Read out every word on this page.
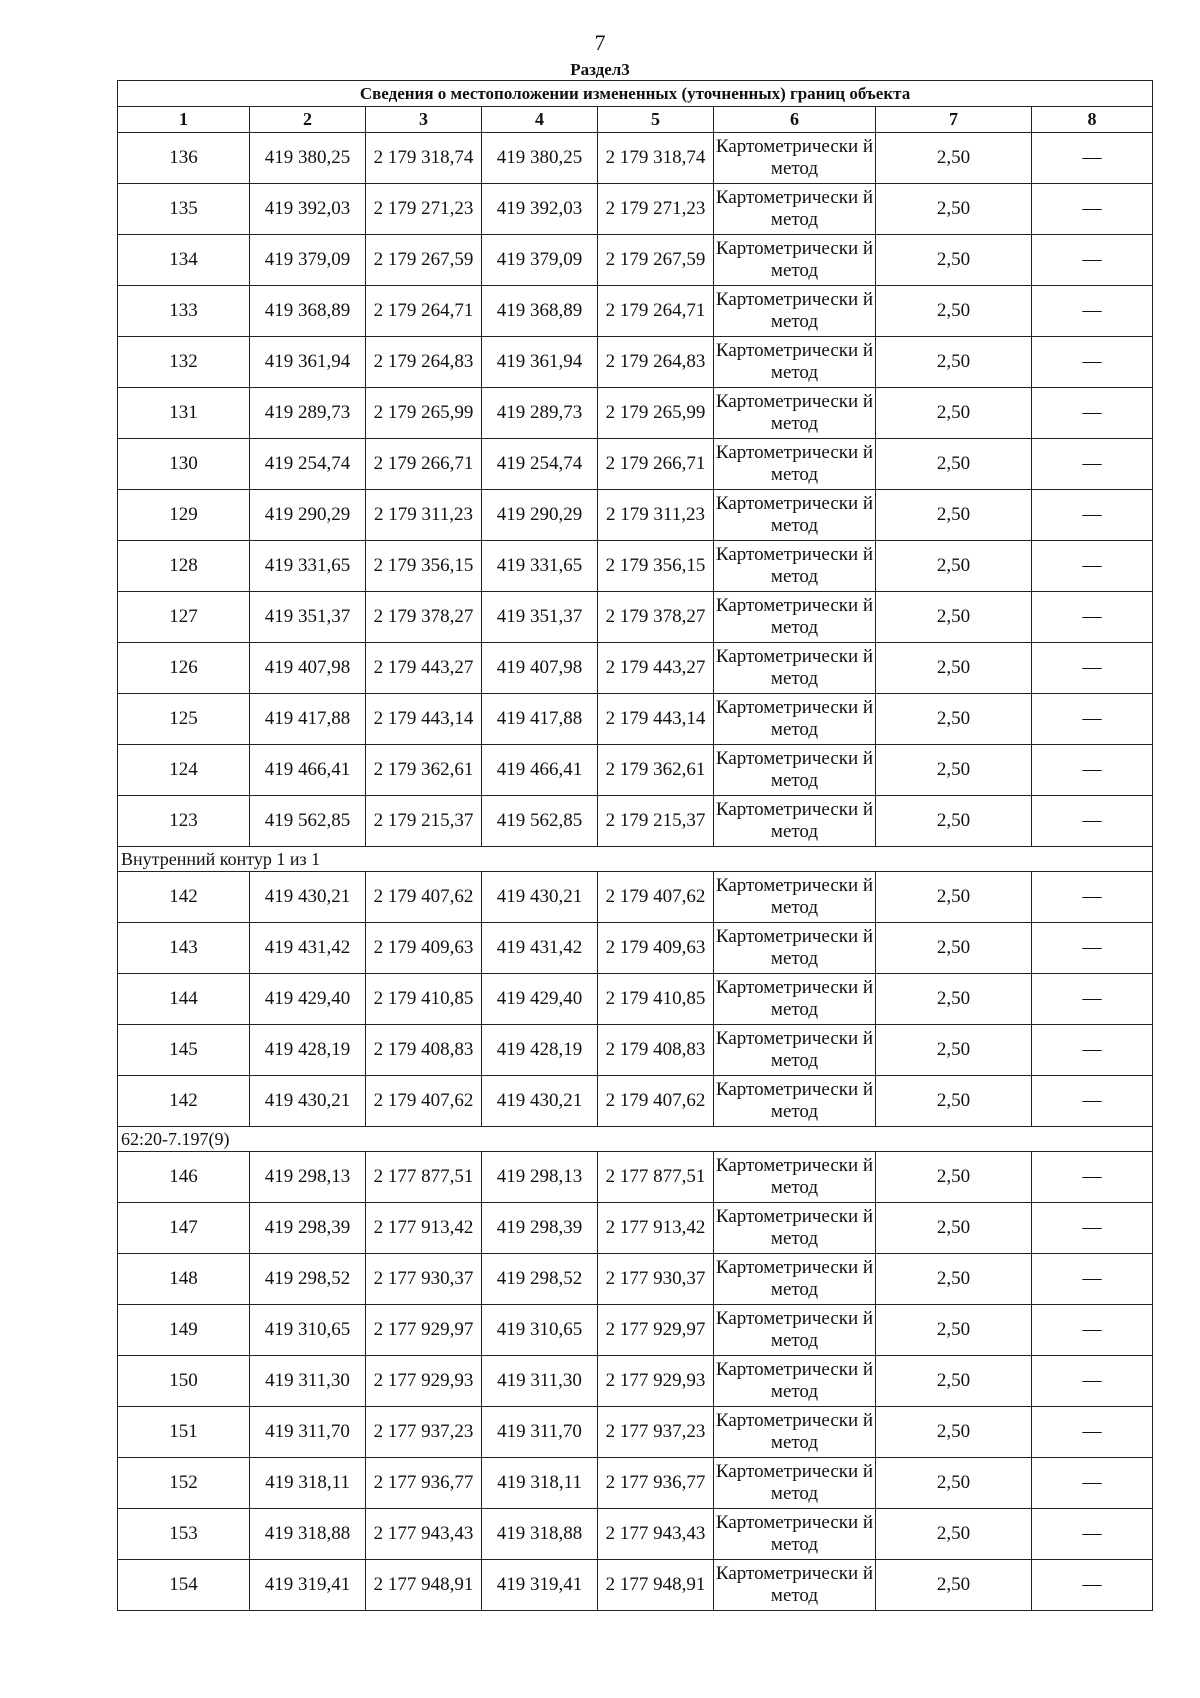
7
Раздел3
Сведения о местоположении измененных (уточненных) границ объекта							
1	2	3	4	5	6	7	8
136	419 380,25	2 179 318,74	419 380,25	2 179 318,74	Картометрически й метод	2,50	—
135	419 392,03	2 179 271,23	419 392,03	2 179 271,23	Картометрически й метод	2,50	—
134	419 379,09	2 179 267,59	419 379,09	2 179 267,59	Картометрически й метод	2,50	—
133	419 368,89	2 179 264,71	419 368,89	2 179 264,71	Картометрически й метод	2,50	—
132	419 361,94	2 179 264,83	419 361,94	2 179 264,83	Картометрически й метод	2,50	—
131	419 289,73	2 179 265,99	419 289,73	2 179 265,99	Картометрически й метод	2,50	—
130	419 254,74	2 179 266,71	419 254,74	2 179 266,71	Картометрически й метод	2,50	—
129	419 290,29	2 179 311,23	419 290,29	2 179 311,23	Картометрически й метод	2,50	—
128	419 331,65	2 179 356,15	419 331,65	2 179 356,15	Картометрически й метод	2,50	—
127	419 351,37	2 179 378,27	419 351,37	2 179 378,27	Картометрически й метод	2,50	—
126	419 407,98	2 179 443,27	419 407,98	2 179 443,27	Картометрически й метод	2,50	—
125	419 417,88	2 179 443,14	419 417,88	2 179 443,14	Картометрически й метод	2,50	—
124	419 466,41	2 179 362,61	419 466,41	2 179 362,61	Картометрически й метод	2,50	—
123	419 562,85	2 179 215,37	419 562,85	2 179 215,37	Картометрически й метод	2,50	—
Внутренний контур 1 из 1							
142	419 430,21	2 179 407,62	419 430,21	2 179 407,62	Картометрически й метод	2,50	—
143	419 431,42	2 179 409,63	419 431,42	2 179 409,63	Картометрически й метод	2,50	—
144	419 429,40	2 179 410,85	419 429,40	2 179 410,85	Картометрически й метод	2,50	—
145	419 428,19	2 179 408,83	419 428,19	2 179 408,83	Картометрически й метод	2,50	—
142	419 430,21	2 179 407,62	419 430,21	2 179 407,62	Картометрически й метод	2,50	—
62:20-7.197(9)							
146	419 298,13	2 177 877,51	419 298,13	2 177 877,51	Картометрически й метод	2,50	—
147	419 298,39	2 177 913,42	419 298,39	2 177 913,42	Картометрически й метод	2,50	—
148	419 298,52	2 177 930,37	419 298,52	2 177 930,37	Картометрически й метод	2,50	—
149	419 310,65	2 177 929,97	419 310,65	2 177 929,97	Картометрически й метод	2,50	—
150	419 311,30	2 177 929,93	419 311,30	2 177 929,93	Картометрически й метод	2,50	—
151	419 311,70	2 177 937,23	419 311,70	2 177 937,23	Картометрически й метод	2,50	—
152	419 318,11	2 177 936,77	419 318,11	2 177 936,77	Картометрически й метод	2,50	—
153	419 318,88	2 177 943,43	419 318,88	2 177 943,43	Картометрически й метод	2,50	—
154	419 319,41	2 177 948,91	419 319,41	2 177 948,91	Картометрически й метод	2,50	—
